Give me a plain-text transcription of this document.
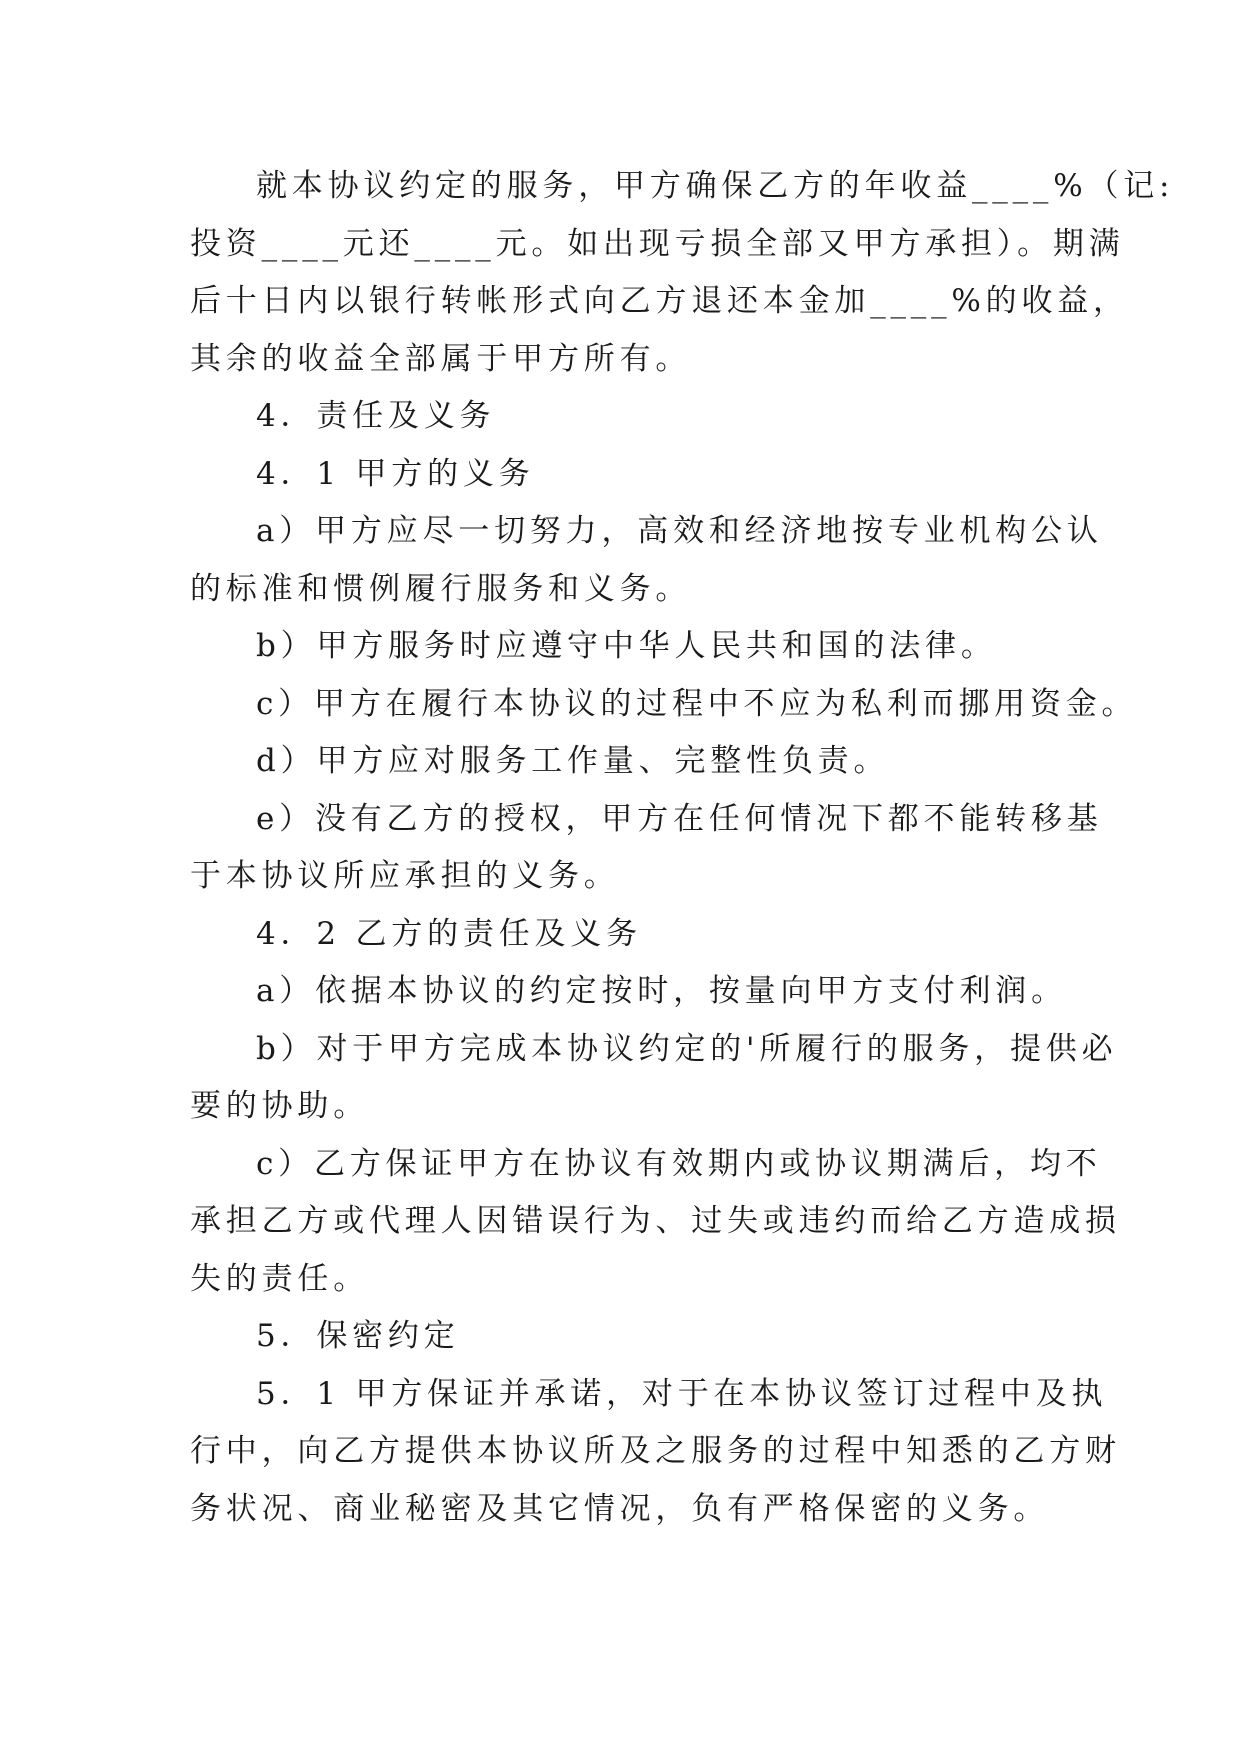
就本协议约定的服务，甲方确保乙方的年收益____%（记:
投资____元还____元。如出现亏损全部又甲方承担）。期满
后十日内以银行转帐形式向乙方退还本金加____%的收益，
其余的收益全部属于甲方所有。
4．责任及义务
4．1 甲方的义务
a）甲方应尽一切努力，高效和经济地按专业机构公认
的标准和惯例履行服务和义务。
b）甲方服务时应遵守中华人民共和国的法律。
c）甲方在履行本协议的过程中不应为私利而挪用资金。
d）甲方应对服务工作量、完整性负责。
e）没有乙方的授权，甲方在任何情况下都不能转移基
于本协议所应承担的义务。
4．2 乙方的责任及义务
a）依据本协议的约定按时，按量向甲方支付利润。
b）对于甲方完成本协议约定的'所履行的服务，提供必
要的协助。
c）乙方保证甲方在协议有效期内或协议期满后，均不
承担乙方或代理人因错误行为、过失或违约而给乙方造成损
失的责任。
5．保密约定
5．1 甲方保证并承诺，对于在本协议签订过程中及执
行中，向乙方提供本协议所及之服务的过程中知悉的乙方财
务状况、商业秘密及其它情况，负有严格保密的义务。
